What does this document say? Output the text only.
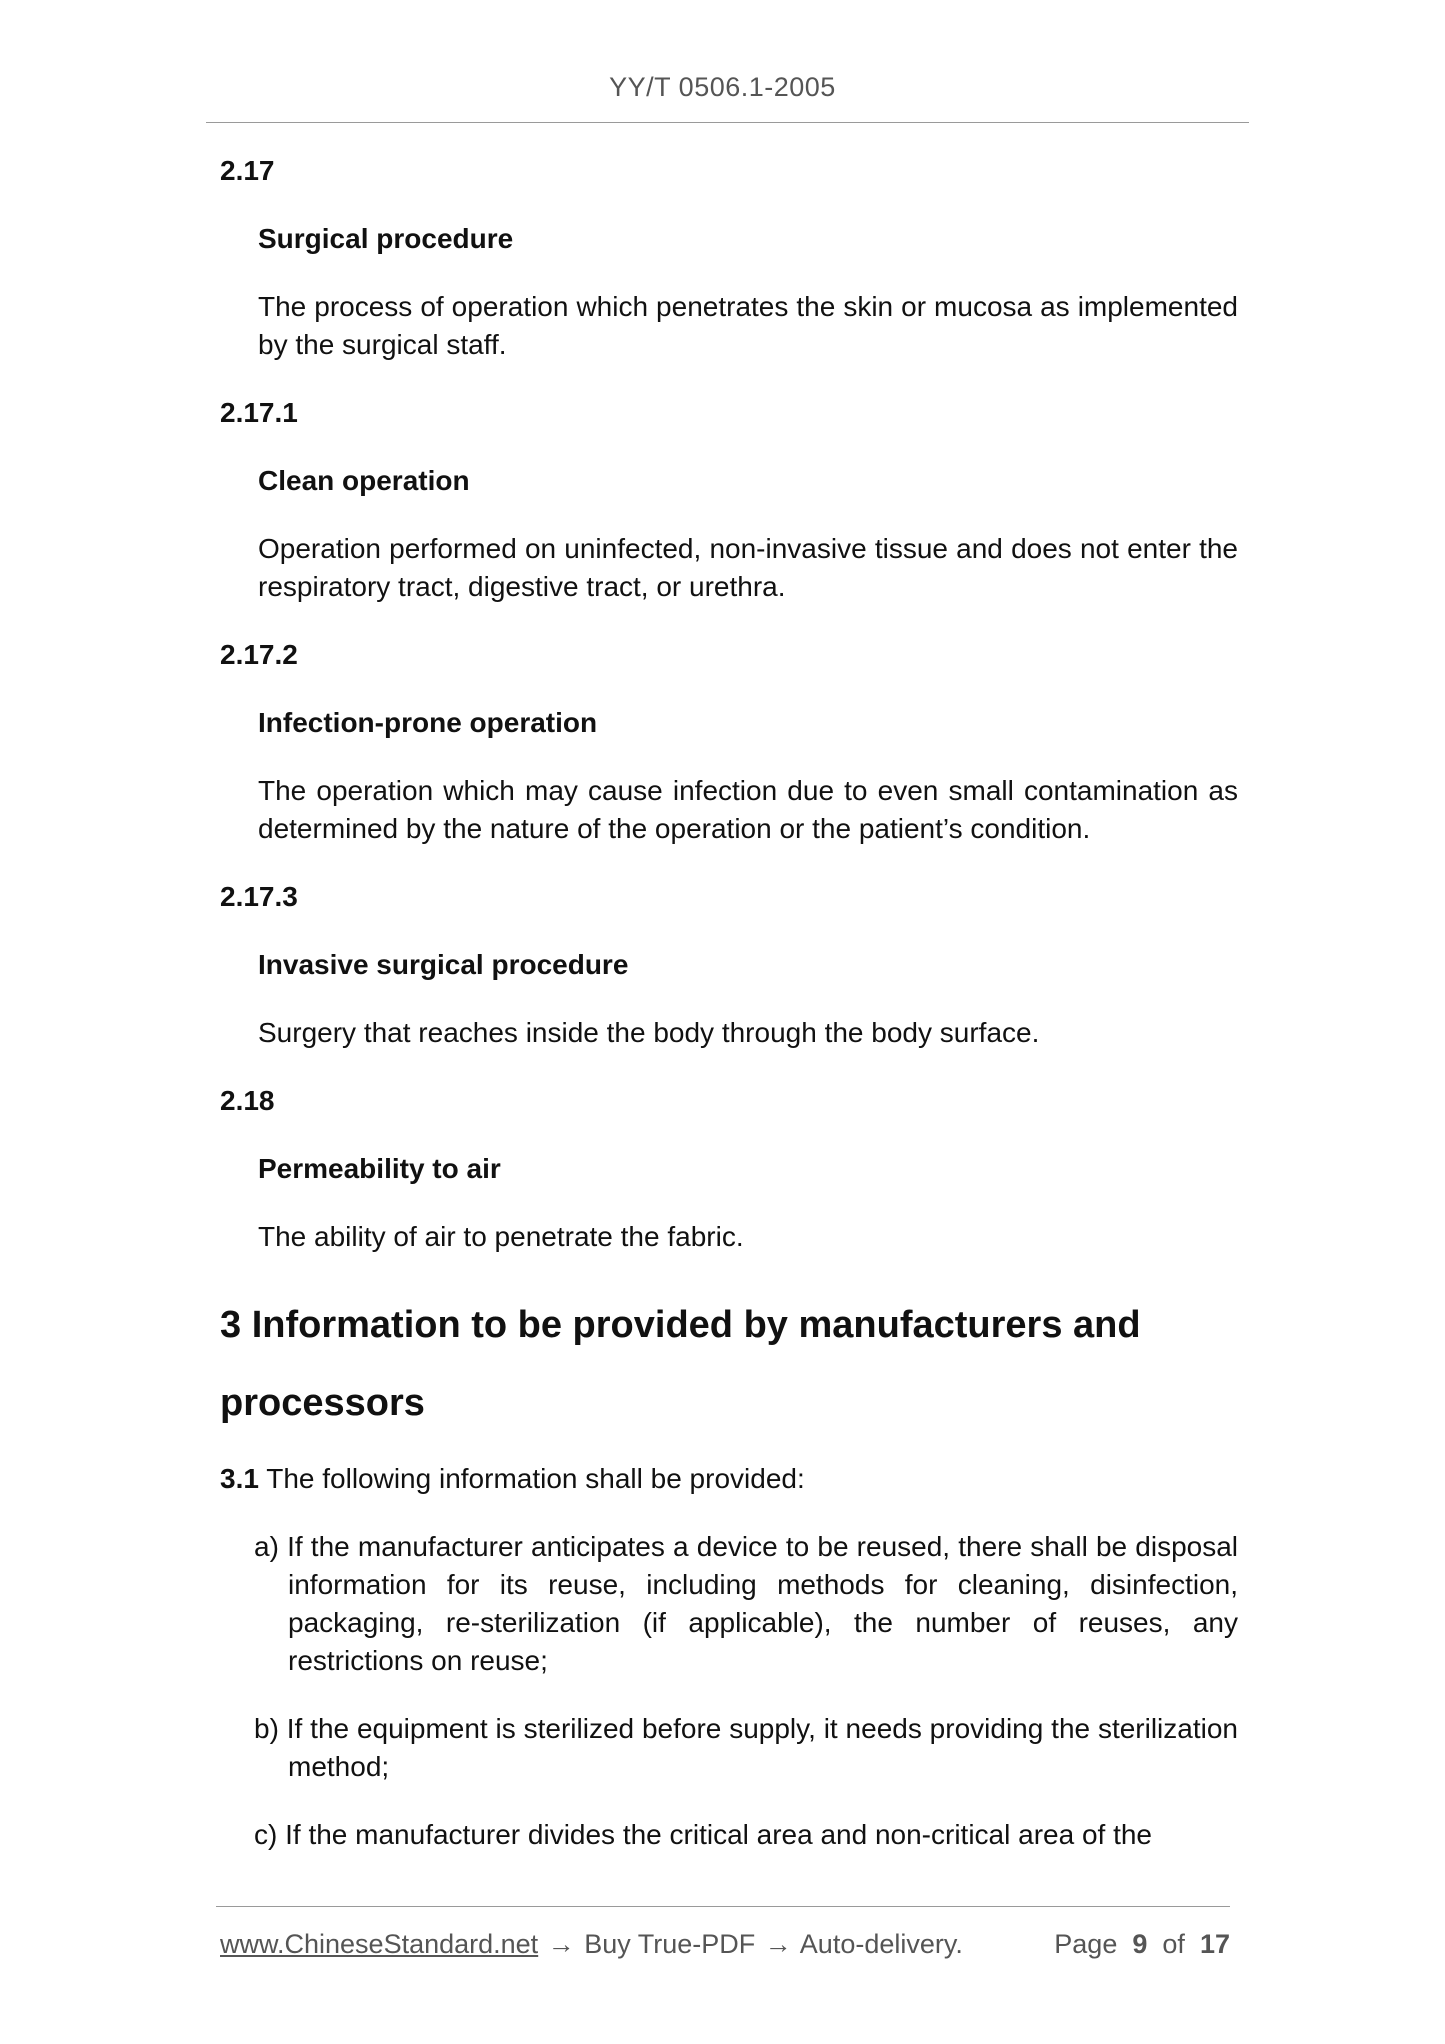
YY/T 0506.1-2005
2.17
Surgical procedure
The process of operation which penetrates the skin or mucosa as implemented by the surgical staff.
2.17.1
Clean operation
Operation performed on uninfected, non-invasive tissue and does not enter the respiratory tract, digestive tract, or urethra.
2.17.2
Infection-prone operation
The operation which may cause infection due to even small contamination as determined by the nature of the operation or the patient’s condition.
2.17.3
Invasive surgical procedure
Surgery that reaches inside the body through the body surface.
2.18
Permeability to air
The ability of air to penetrate the fabric.
3 Information to be provided by manufacturers and
processors
3.1 The following information shall be provided:
a) If the manufacturer anticipates a device to be reused, there shall be disposal information for its reuse, including methods for cleaning, disinfection, packaging, re-sterilization (if applicable), the number of reuses, any restrictions on reuse;
b) If the equipment is sterilized before supply, it needs providing the sterilization method;
c) If the manufacturer divides the critical area and non-critical area of the
www.ChineseStandard.net → Buy True-PDF → Auto-delivery.	Page 9 of 17
